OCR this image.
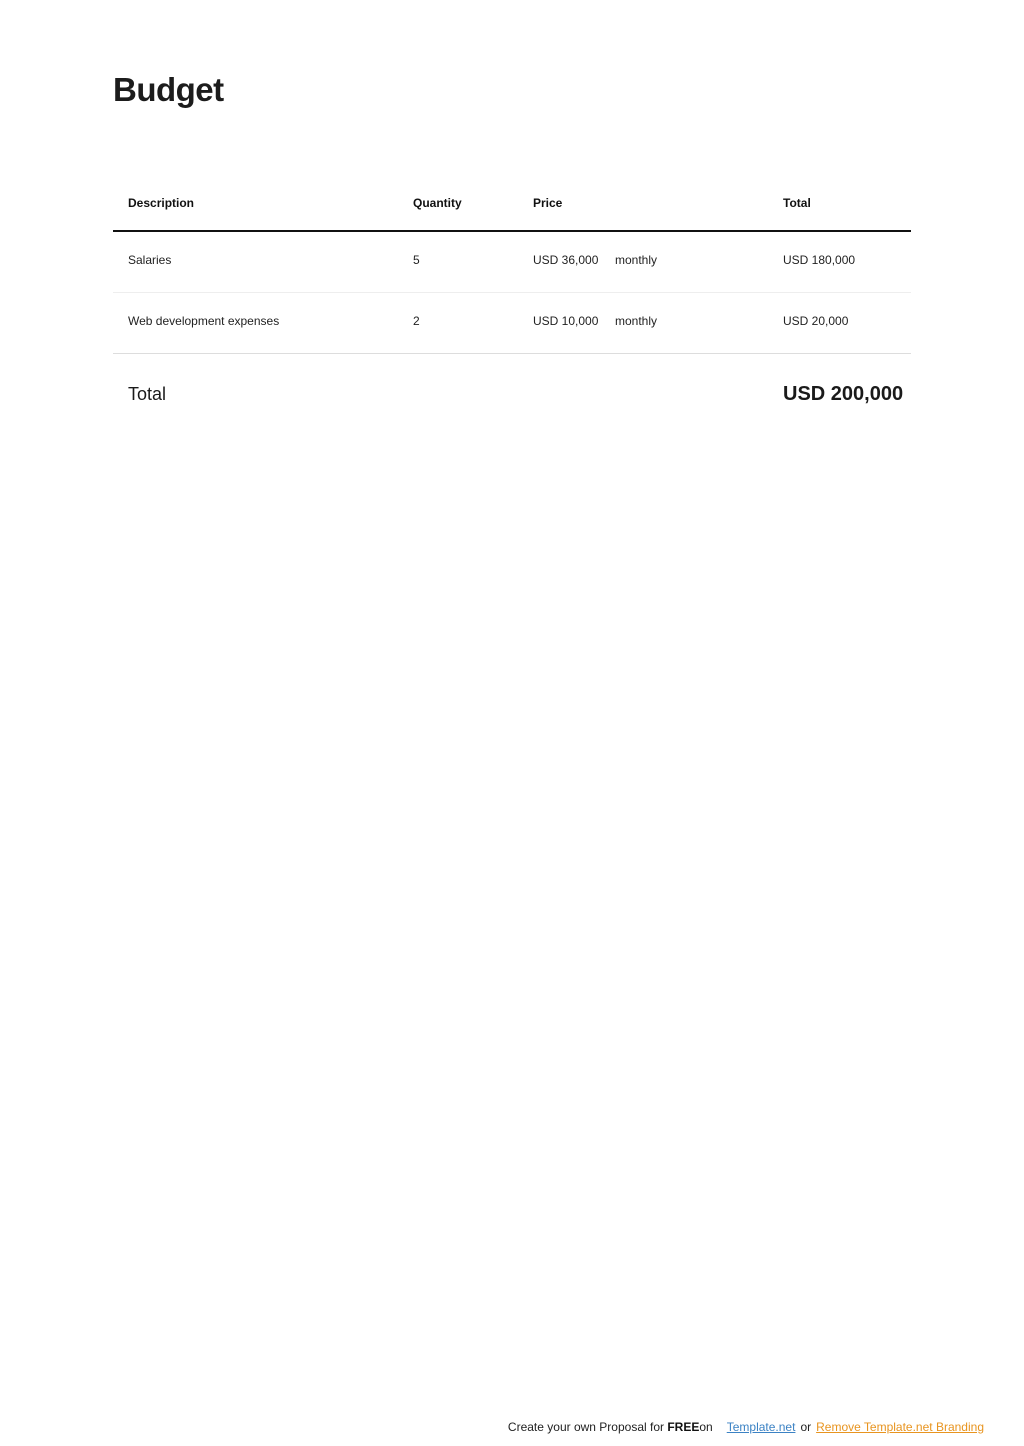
Budget
Description	Quantity	Price	Total
Salaries	5	USD 36,000 monthly	USD 180,000
Web development expenses	2	USD 10,000 monthly	USD 20,000
Total	USD 200,000
Create your own Proposal for FREEon Template.net or Remove Template.net Branding
